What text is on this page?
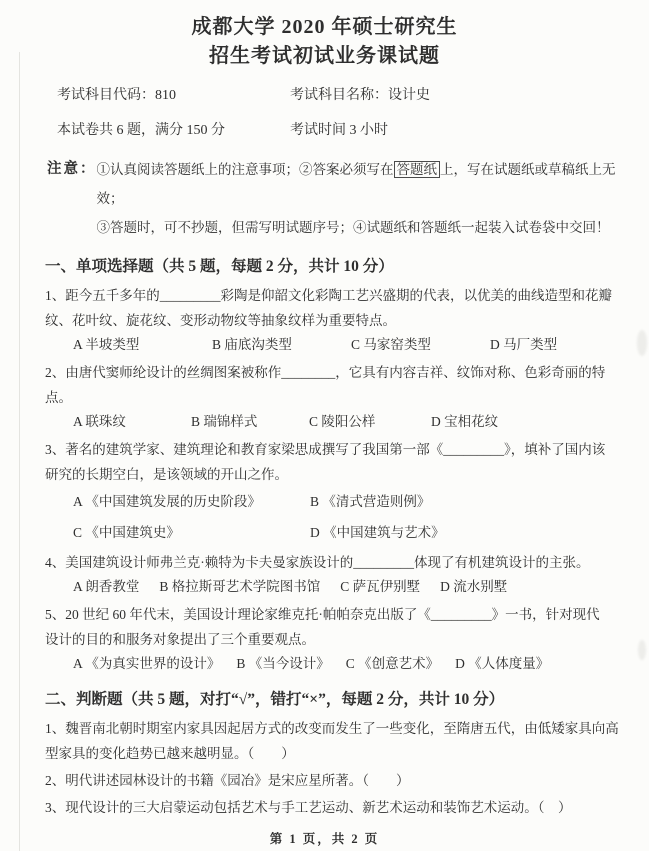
成都大学 2020 年硕士研究生
招生考试初试业务课试题
考试科目代码：810	考试科目名称：设计史
本试卷共 6 题，满分 150 分	考试时间 3 小时
注意： ①认真阅读答题纸上的注意事项；②答案必须写在 答题纸 上，写在试题纸或草稿纸上无效；
③答题时，可不抄题，但需写明试题序号；④试题纸和答题纸一起装入试卷袋中交回！
一、单项选择题（共 5 题，每题 2 分，共计 10 分）

1、距今五千多年的_________彩陶是仰韶文化彩陶工艺兴盛期的代表，以优美的曲线造型和花瓣纹、花叶纹、旋花纹、变形动物纹等抽象纹样为重要特点。

A 半坡类型	B 庙底沟类型	C 马家窑类型	D 马厂类型

2、由唐代窦师纶设计的丝绸图案被称作________，它具有内容吉祥、纹饰对称、色彩奇丽的特点。

A 联珠纹	B 瑞锦样式	C 陵阳公样	D 宝相花纹

3、著名的建筑学家、建筑理论和教育家梁思成撰写了我国第一部《_________》，填补了国内该研究的长期空白，是该领域的开山之作。

A 《中国建筑发展的历史阶段》	B 《清式营造则例》
C 《中国建筑史》	D 《中国建筑与艺术》

4、美国建筑设计师弗兰克·赖特为卡夫曼家族设计的_________体现了有机建筑设计的主张。

A 朗香教堂 B 格拉斯哥艺术学院图书馆 C 萨瓦伊别墅 D 流水别墅

5、20 世纪 60 年代末，美国设计理论家维克托·帕帕奈克出版了《_________》一书，针对现代设计的目的和服务对象提出了三个重要观点。

A 《为真实世界的设计》 B 《当今设计》 C 《创意艺术》 D 《人体度量》
二、判断题（共 5 题，对打“√”，错打“×”，每题 2 分，共计 10 分）

1、魏晋南北朝时期室内家具因起居方式的改变而发生了一些变化，至隋唐五代，由低矮家具向高型家具的变化趋势已越来越明显。（　　）

2、明代讲述园林设计的书籍《园冶》是宋应星所著。（　　）

3、现代设计的三大启蒙运动包括艺术与手工艺运动、新艺术运动和装饰艺术运动。（　）

第 1 页，共 2 页
